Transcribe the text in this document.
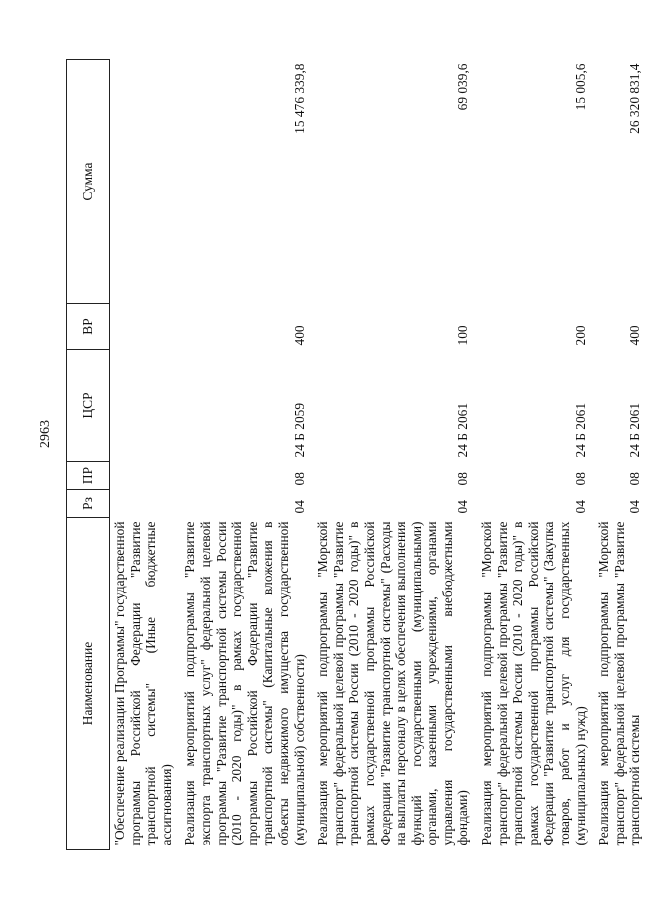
2963
Наименование	Рз	ПР	ЦСР	ВР	Сумма
"Обеспечение реализации Программы" государственной программы Российской Федерации "Развитие транспортной системы" (Иные бюджетные ассигнования)					
Реализация мероприятий подпрограммы "Развитие экспорта транспортных услуг" федеральной целевой программы "Развитие транспортной системы России (2010 - 2020 годы)" в рамках государственной программы Российской Федерации "Развитие транспортной системы" (Капитальные вложения в объекты недвижимого имущества государственной (муниципальной) собственности)	04	08	24 Б 2059	400	15 476 339,8
Реализация мероприятий подпрограммы "Морской транспорт" федеральной целевой программы "Развитие транспортной системы России (2010 - 2020 годы)" в рамках государственной программы Российской Федерации "Развитие транспортной системы" (Расходы на выплаты персоналу в целях обеспечения выполнения функций государственными (муниципальными) органами, казенными учреждениями, органами управления государственными внебюджетными фондами)	04	08	24 Б 2061	100	69 039,6
Реализация мероприятий подпрограммы "Морской транспорт" федеральной целевой программы "Развитие транспортной системы России (2010 - 2020 годы)" в рамках государственной программы Российской Федерации "Развитие транспортной системы" (Закупка товаров, работ и услуг для государственных (муниципальных) нужд)	04	08	24 Б 2061	200	15 005,6
Реализация мероприятий подпрограммы "Морской транспорт" федеральной целевой программы "Развитие транспортной системы	04	08	24 Б 2061	400	26 320 831,4
